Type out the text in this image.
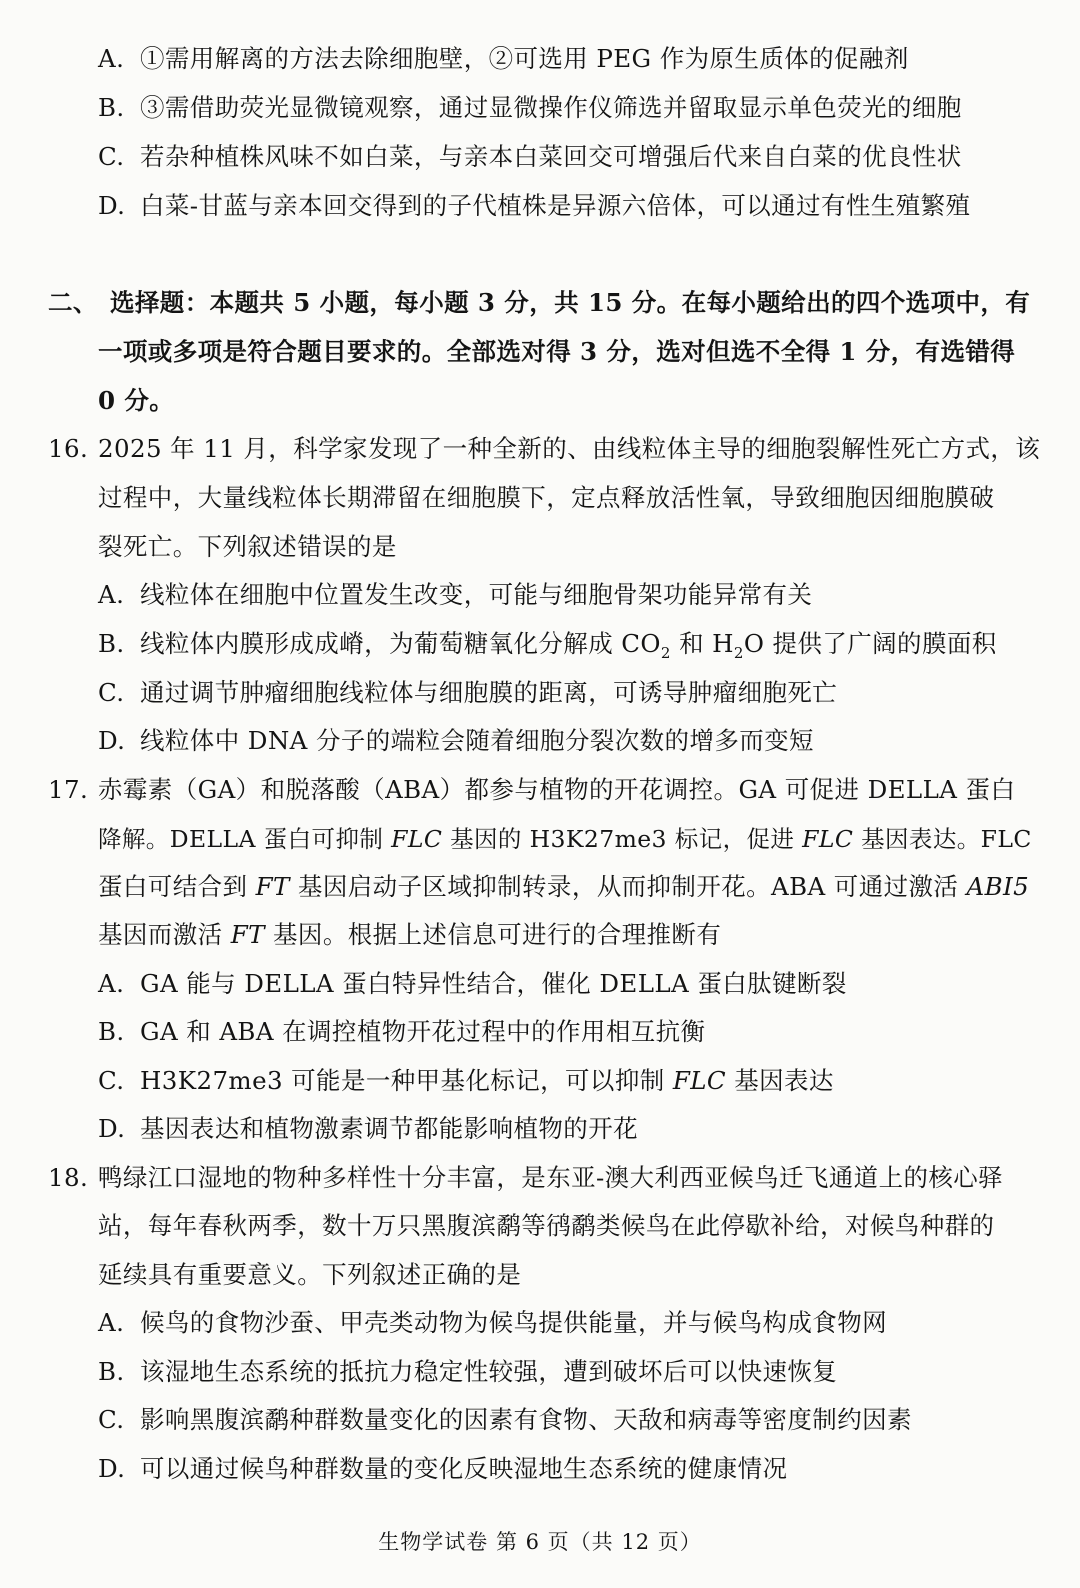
A. ①需用解离的方法去除细胞壁，②可选用 PEG 作为原生质体的促融剂
B. ③需借助荧光显微镜观察，通过显微操作仪筛选并留取显示单色荧光的细胞
C. 若杂种植株风味不如白菜，与亲本白菜回交可增强后代来自白菜的优良性状
D. 白菜-甘蓝与亲本回交得到的子代植株是异源六倍体，可以通过有性生殖繁殖
二、 选择题：本题共 5 小题，每小题 3 分，共 15 分。在每小题给出的四个选项中，有
一项或多项是符合题目要求的。全部选对得 3 分，选对但选不全得 1 分，有选错得
0 分。
16. 2025 年 11 月，科学家发现了一种全新的、由线粒体主导的细胞裂解性死亡方式，该
过程中，大量线粒体长期滞留在细胞膜下，定点释放活性氧，导致细胞因细胞膜破
裂死亡。下列叙述错误的是
A. 线粒体在细胞中位置发生改变，可能与细胞骨架功能异常有关
B. 线粒体内膜形成成嵴，为葡萄糖氧化分解成 $CO_2$ 和 $H_2O$ 提供了广阔的膜面积
C. 通过调节肿瘤细胞线粒体与细胞膜的距离，可诱导肿瘤细胞死亡
D. 线粒体中 DNA 分子的端粒会随着细胞分裂次数的增多而变短
17. 赤霉素（GA）和脱落酸（ABA）都参与植物的开花调控。GA 可促进 DELLA 蛋白
降解。DELLA 蛋白可抑制 FLC 基因的 H3K27me3 标记，促进 FLC 基因表达。FLC
蛋白可结合到 FT 基因启动子区域抑制转录，从而抑制开花。ABA 可通过激活 ABI5
基因而激活 FT 基因。根据上述信息可进行的合理推断有
A. GA 能与 DELLA 蛋白特异性结合，催化 DELLA 蛋白肽键断裂
B. GA 和 ABA 在调控植物开花过程中的作用相互抗衡
C. H3K27me3 可能是一种甲基化标记，可以抑制 FLC 基因表达
D. 基因表达和植物激素调节都能影响植物的开花
18. 鸭绿江口湿地的物种多样性十分丰富，是东亚-澳大利西亚候鸟迁飞通道上的核心驿
站，每年春秋两季，数十万只黑腹滨鹬等鸻鹬类候鸟在此停歇补给，对候鸟种群的
延续具有重要意义。下列叙述正确的是
A. 候鸟的食物沙蚕、甲壳类动物为候鸟提供能量，并与候鸟构成食物网
B. 该湿地生态系统的抵抗力稳定性较强，遭到破坏后可以快速恢复
C. 影响黑腹滨鹬种群数量变化的因素有食物、天敌和病毒等密度制约因素
D. 可以通过候鸟种群数量的变化反映湿地生态系统的健康情况
生物学试卷 第 6 页（共 12 页）
